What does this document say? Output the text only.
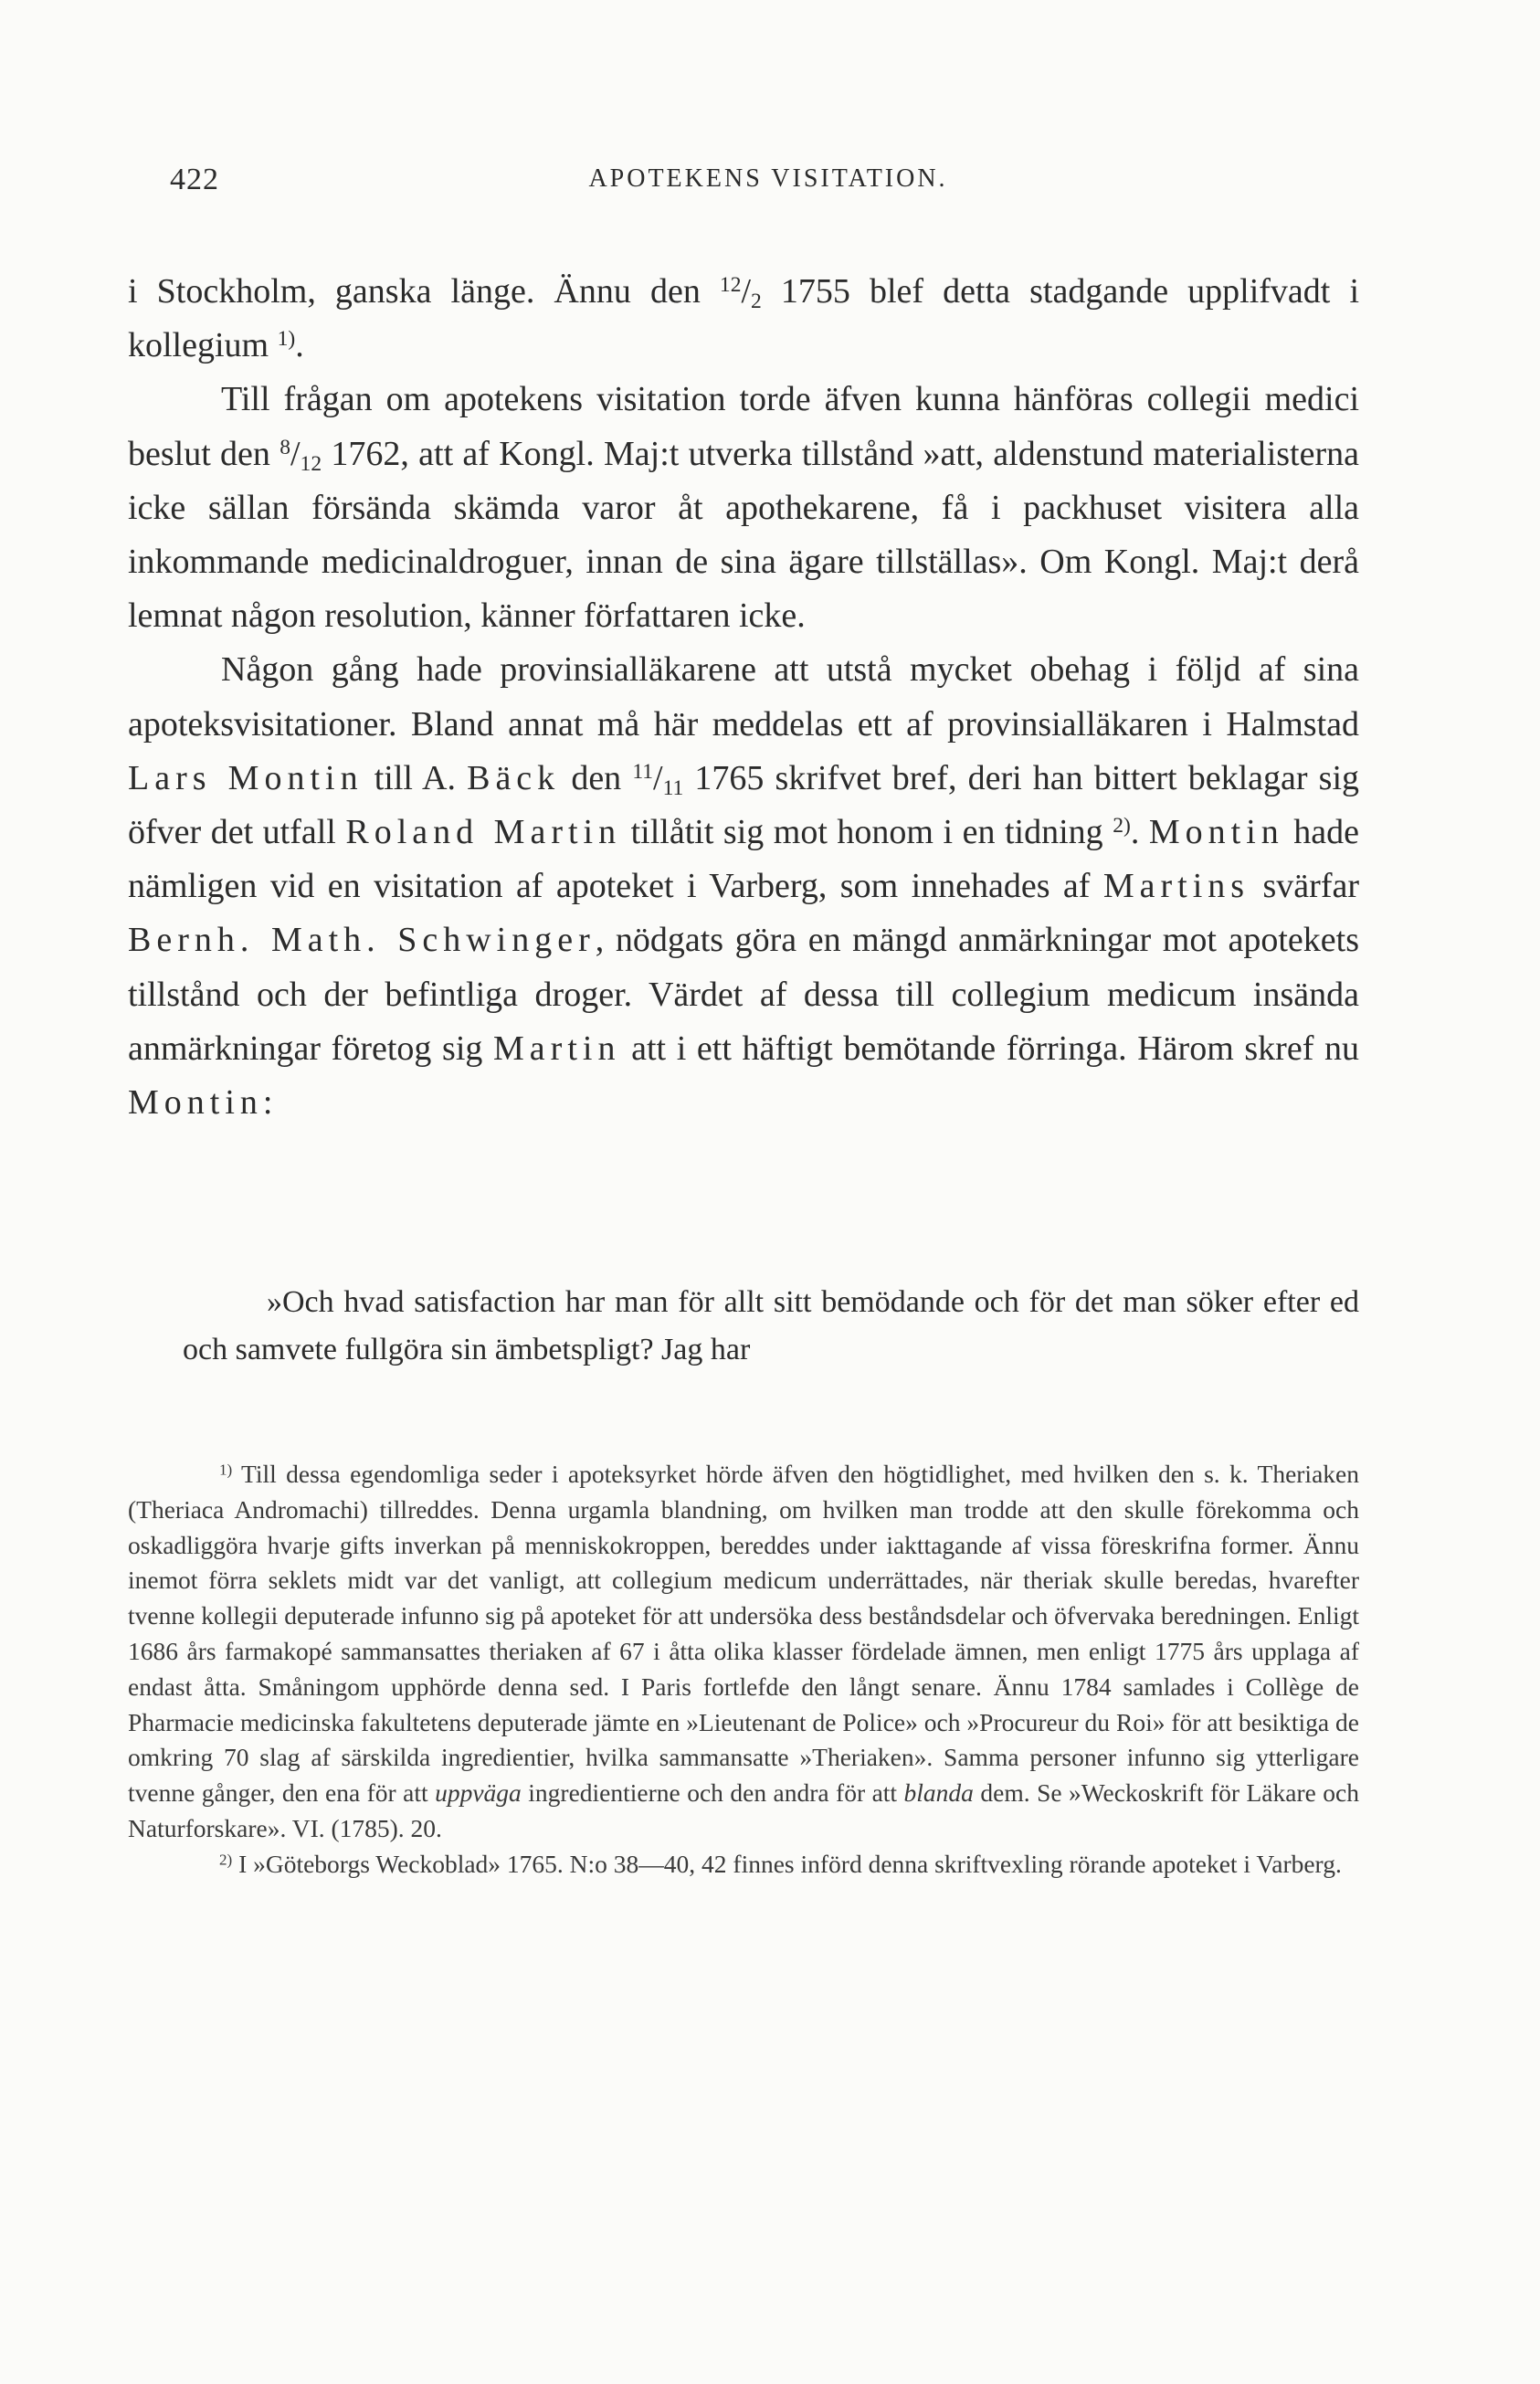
422	APOTEKENS VISITATION.

i Stockholm, ganska länge. Ännu den $^{12}/_2$ 1755 blef detta stadgande upplifvadt i kollegium $^{1)}$.

Till frågan om apotekens visitation torde äfven kunna hänföras collegii medici beslut den $^8/_{12}$ 1762, att af Kongl. Maj:t utverka tillstånd »att, aldenstund materialisterna icke sällan försända skämda varor åt apothekarene, få i packhuset visitera alla inkommande medicinaldroguer, innan de sina ägare tillställas». Om Kongl. Maj:t derå lemnat någon resolution, känner författaren icke.

Någon gång hade provinsialläkarene att utstå mycket obehag i följd af sina apoteksvisitationer. Bland annat må här meddelas ett af provinsialläkaren i Halmstad Lars Montin till A. Bäck den $^{11}/_{11}$ 1765 skrifvet bref, deri han bittert beklagar sig öfver det utfall Roland Martin tillåtit sig mot honom i en tidning $^{2)}$. Montin hade nämligen vid en visitation af apoteket i Varberg, som innehades af Martins svärfar Bernh. Math. Schwinger, nödgats göra en mängd anmärkningar mot apotekets tillstånd och der befintliga droger. Värdet af dessa till collegium medicum insända anmärkningar företog sig Martin att i ett häftigt bemötande förringa. Härom skref nu Montin:

»Och hvad satisfaction har man för allt sitt bemödande och för det man söker efter ed och samvete fullgöra sin ämbetspligt? Jag har

$^{1)}$ Till dessa egendomliga seder i apoteksyrket hörde äfven den högtidlighet, med hvilken den s. k. Theriaken (Theriaca Andromachi) tillreddes. Denna urgamla blandning, om hvilken man trodde att den skulle förekomma och oskadliggöra hvarje gifts inverkan på menniskokroppen, bereddes under iakttagande af vissa föreskrifna former. Ännu inemot förra seklets midt var det vanligt, att collegium medicum underrättades, när theriak skulle beredas, hvarefter tvenne kollegii deputerade infunno sig på apoteket för att undersöka dess beståndsdelar och öfvervaka beredningen. Enligt 1686 års farmakopé sammansattes theriaken af 67 i åtta olika klasser fördelade ämnen, men enligt 1775 års upplaga af endast åtta. Småningom upphörde denna sed. I Paris fortlefde den långt senare. Ännu 1784 samlades i Collège de Pharmacie medicinska fakultetens deputerade jämte en »Lieutenant de Police» och »Procureur du Roi» för att besiktiga de omkring 70 slag af särskilda ingredientier, hvilka sammansatte »Theriaken». Samma personer infunno sig ytterligare tvenne gånger, den ena för att uppväga ingredientierne och den andra för att blanda dem. Se »Weckoskrift för Läkare och Naturforskare». VI. (1785). 20.

$^{2)}$ I »Göteborgs Weckoblad» 1765. N:o 38—40, 42 finnes införd denna skriftvexling rörande apoteket i Varberg.
